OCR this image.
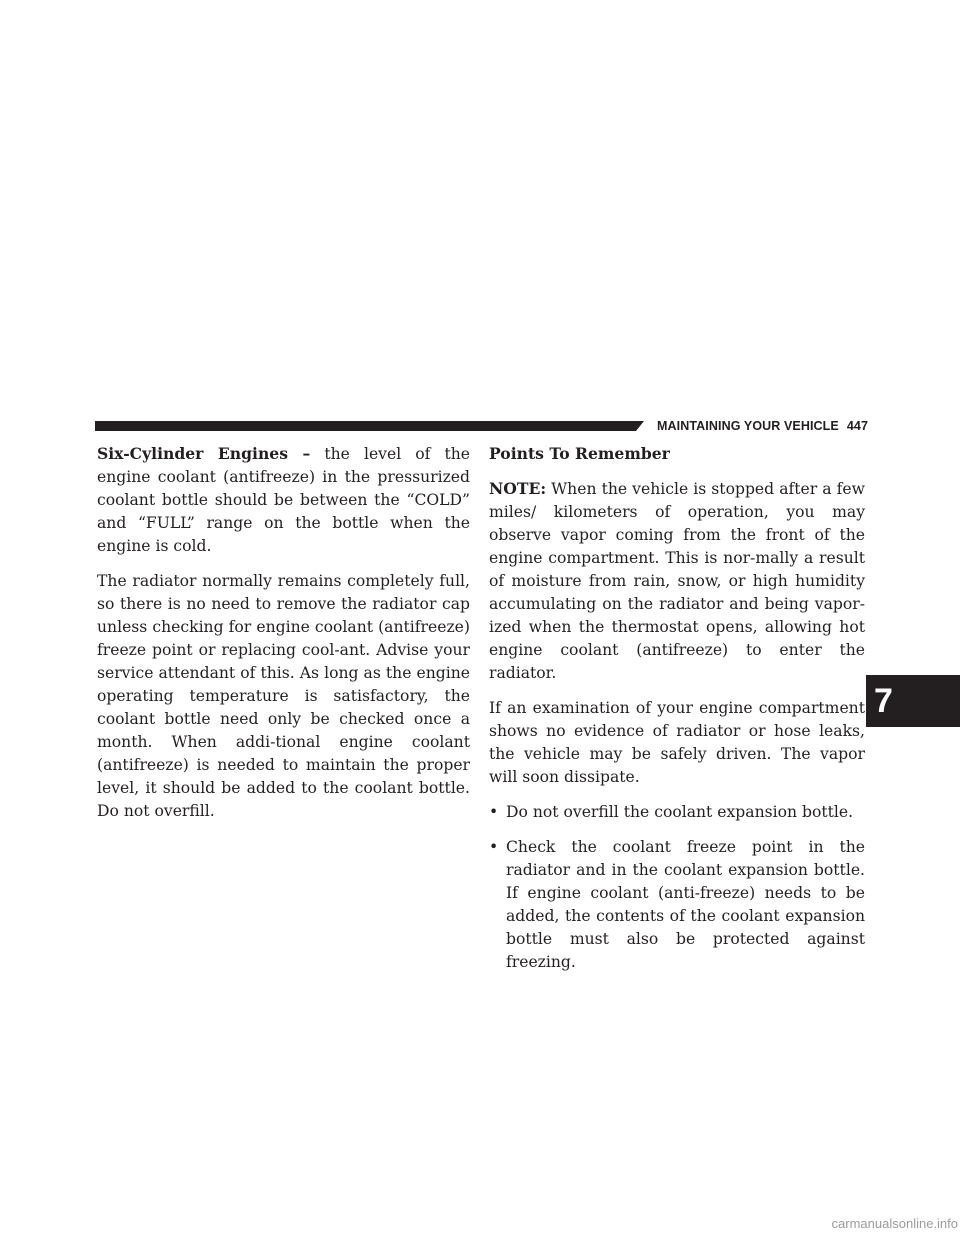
MAINTAINING YOUR VEHICLE 447

Six-Cylinder Engines – the level of the engine coolant (antifreeze) in the pressurized coolant bottle should be between the “COLD” and “FULL” range on the bottle when the engine is cold.

The radiator normally remains completely full, so there is no need to remove the radiator cap unless checking for engine coolant (antifreeze) freeze point or replacing cool-ant. Advise your service attendant of this. As long as the engine operating temperature is satisfactory, the coolant bottle need only be checked once a month. When addi-tional engine coolant (antifreeze) is needed to maintain the proper level, it should be added to the coolant bottle. Do not overfill.

Points To Remember

NOTE: When the vehicle is stopped after a few miles/ kilometers of operation, you may observe vapor coming from the front of the engine compartment. This is nor-mally a result of moisture from rain, snow, or high humidity accumulating on the radiator and being vapor-ized when the thermostat opens, allowing hot engine coolant (antifreeze) to enter the radiator.

If an examination of your engine compartment shows no evidence of radiator or hose leaks, the vehicle may be safely driven. The vapor will soon dissipate.

• Do not overfill the coolant expansion bottle.
• Check the coolant freeze point in the radiator and in the coolant expansion bottle. If engine coolant (anti-freeze) needs to be added, the contents of the coolant expansion bottle must also be protected against freezing.
7
carmanualsonline.info
